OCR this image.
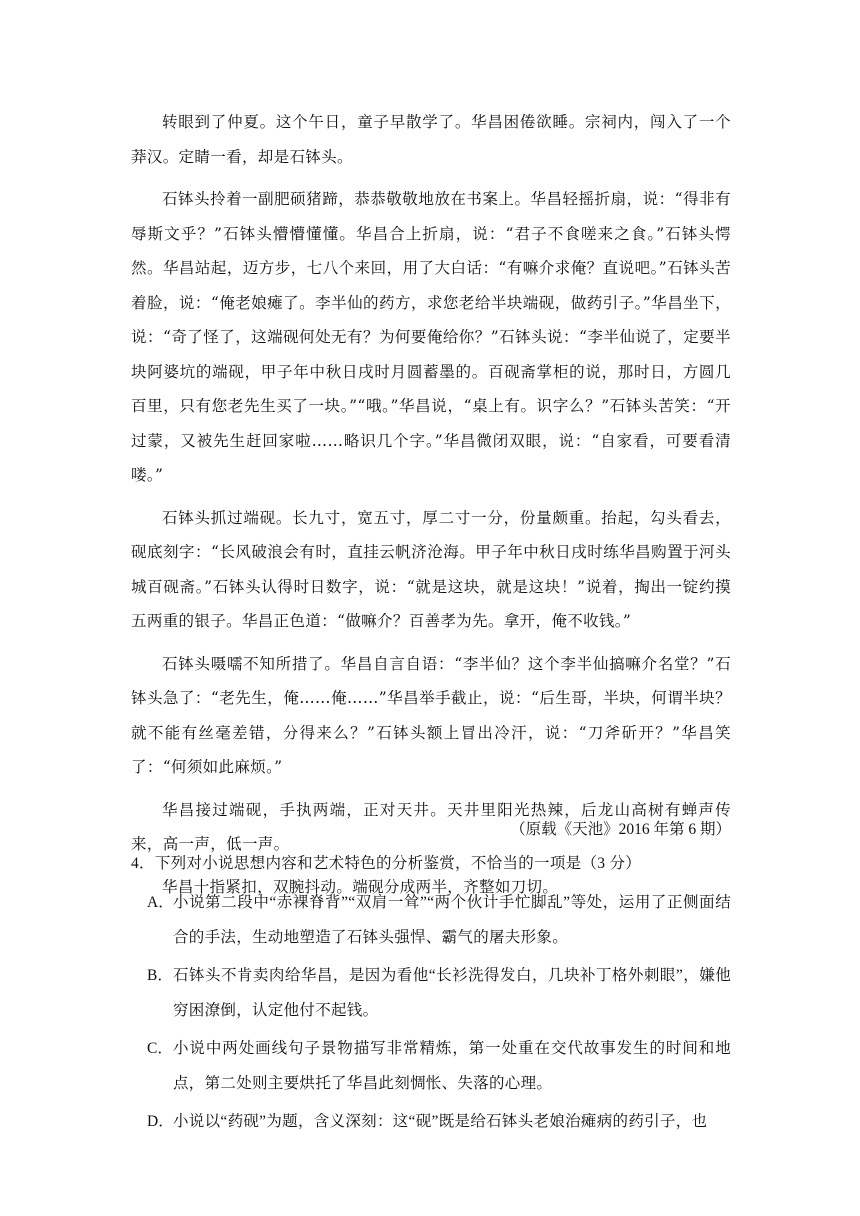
转眼到了仲夏。这个午日，童子早散学了。华昌困倦欲睡。宗祠内，闯入了一个莽汉。定睛一看，却是石钵头。

石钵头拎着一副肥硕猪蹄，恭恭敬敬地放在书案上。华昌轻摇折扇，说：“得非有辱斯文乎？”石钵头懵懵懂懂。华昌合上折扇，说：“君子不食嗟来之食。”石钵头愕然。华昌站起，迈方步，七八个来回，用了大白话：“有嘛介求俺？直说吧。”石钵头苦着脸，说：“俺老娘瘫了。李半仙的药方，求您老给半块端砚，做药引子。”华昌坐下，说：“奇了怪了，这端砚何处无有？为何要俺给你？”石钵头说：“李半仙说了，定要半块阿婆坑的端砚，甲子年中秋日戌时月圆蓄墨的。百砚斋掌柜的说，那时日，方圆几百里，只有您老先生买了一块。”“哦。”华昌说，“桌上有。识字么？”石钵头苦笑：“开过蒙，又被先生赶回家啦……略识几个字。”华昌微闭双眼，说：“自家看，可要看清喽。”

石钵头抓过端砚。长九寸，宽五寸，厚二寸一分，份量颇重。抬起，勾头看去，砚底刻字：“长风破浪会有时，直挂云帆济沧海。甲子年中秋日戌时练华昌购置于河头城百砚斋。”石钵头认得时日数字，说：“就是这块，就是这块！”说着，掏出一锭约摸五两重的银子。华昌正色道：“做嘛介？百善孝为先。拿开，俺不收钱。”

石钵头嗫嚅不知所措了。华昌自言自语：“李半仙？这个李半仙搞嘛介名堂？”石钵头急了：“老先生，俺……俺……”华昌举手截止，说：“后生哥，半块，何谓半块？就不能有丝毫差错，分得来么？”石钵头额上冒出冷汗，说：“刀斧斫开？”华昌笑了：“何须如此麻烦。”

华昌接过端砚，手执两端，正对天井。天井里阳光热辣，后龙山高树有蝉声传来，高一声，低一声。

华昌十指紧扣，双腕抖动。端砚分成两半，齐整如刀切。

（原载《天池》2016 年第 6 期）
4．下列对小说思想内容和艺术特色的分析鉴赏，不恰当的一项是（3 分）
A． 小说第二段中“赤裸脊背”“双肩一耸”“两个伙计手忙脚乱”等处，运用了正侧面结合的手法，生动地塑造了石钵头强悍、霸气的屠夫形象。
B． 石钵头不肯卖肉给华昌，是因为看他“长衫洗得发白，几块补丁格外刺眼”，嫌他穷困潦倒，认定他付不起钱。
C． 小说中两处画线句子景物描写非常精炼，第一处重在交代故事发生的时间和地点，第二处则主要烘托了华昌此刻惆怅、失落的心理。
D． 小说以“药砚”为题，含义深刻：这“砚”既是给石钵头老娘治瘫病的药引子，也
